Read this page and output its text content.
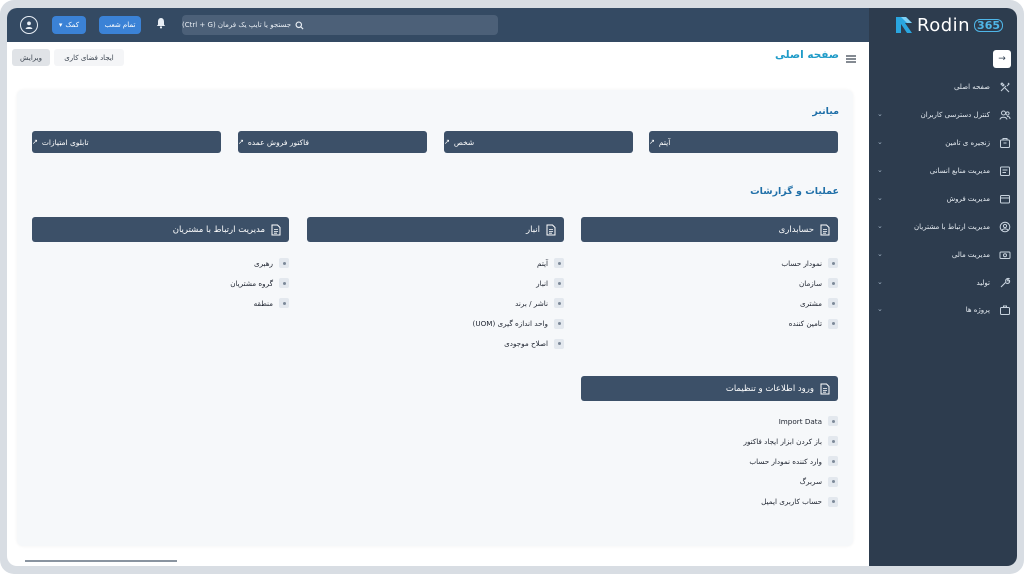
▾ کمک	تمام شعب	جستجو یا تایپ یک فرمان (Ctrl + G)	Rodin 365
→
صفحه اصلی
⌄	کنترل دسترسی کاربران
⌄	زنجیره ی تامین
⌄	مدیریت منابع انسانی
⌄	مدیریت فروش
⌄	مدیریت ارتباط با مشتریان
⌄	مدیریت مالی
⌄	تولید
⌄	پروژه ها
صفحه اصلی
ویرایش	ایجاد فضای کاری
میانبر
آیتم
↗
شخص
↗
فاکتور فروش عمده
↗
تابلوی امتیازات
↗
عملیات و گزارشات
حسابداری
نمودار حساب
سازمان
مشتری
تامین کننده
انبار
آیتم
انبار
ناشر / برند
واحد اندازه گیری (UOM)
اصلاح موجودی
مدیریت ارتباط با مشتریان
رهبری
گروه مشتریان
منطقه
ورود اطلاعات و تنظیمات
Import Data
باز کردن ابزار ایجاد فاکتور
وارد کننده نمودار حساب
سربرگ
حساب کاربری ایمیل
